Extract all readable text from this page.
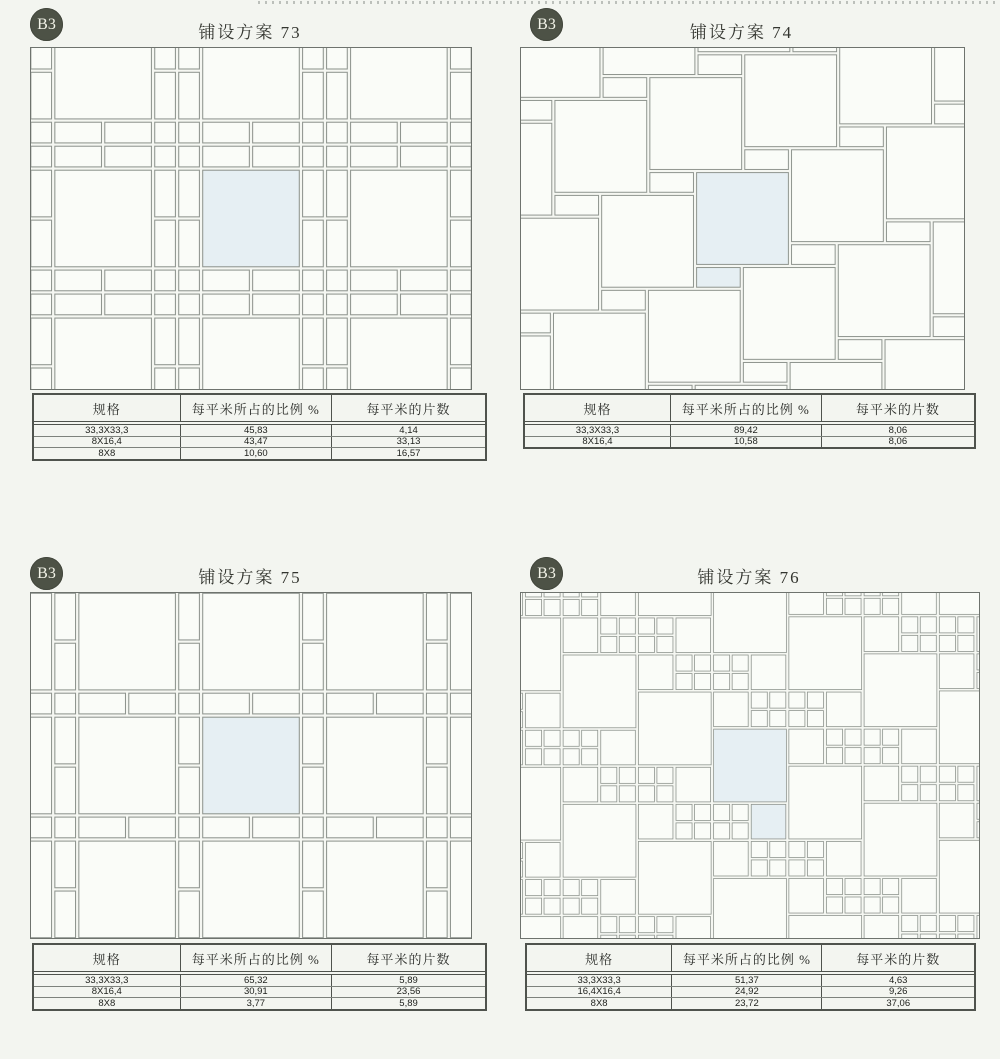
B3	铺设方案 73
规格	每平米所占的比例 %	每平米的片数
33,3X33,3	45,83	4,14
8X16,4	43,47	33,13
8X8	10,60	16,57
B3	铺设方案 74
规格	每平米所占的比例 %	每平米的片数
33,3X33,3	89,42	8,06
8X16,4	10,58	8,06
B3	铺设方案 75
规格	每平米所占的比例 %	每平米的片数
33,3X33,3	65,32	5,89
8X16,4	30,91	23,56
8X8	3,77	5,89
B3	铺设方案 76
规格	每平米所占的比例 %	每平米的片数
33,3X33,3	51,37	4,63
16,4X16,4	24,92	9,26
8X8	23,72	37,06
